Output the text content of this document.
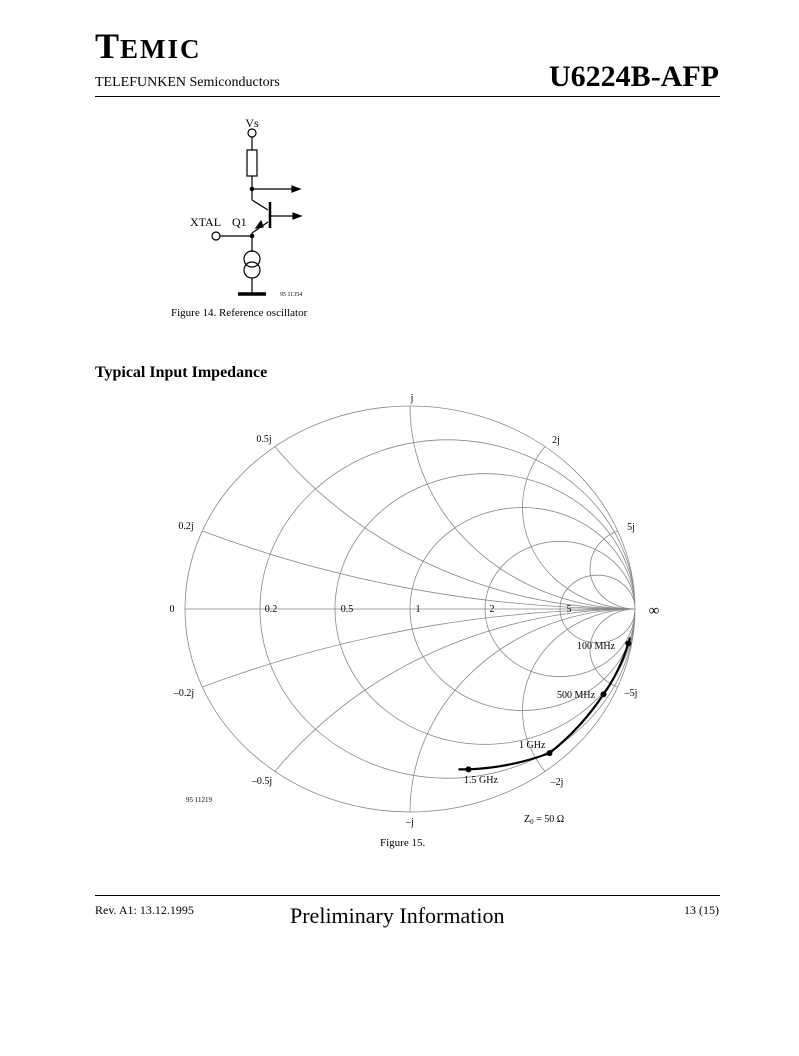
TEMIC
TELEFUNKEN Semiconductors	U6224B-AFP
Vs
XTAL Q1
95 11354
Figure 14. Reference oscillator
Typical Input Impedance
0	0.2	0.5	1	2	5	∞
0.2j
0.5j
j
2j
5j
–0.2j
–0.5j
–j
–2j
–5j
100 MHz
500 MHz
1 GHz
1.5 GHz
95 11219
$Z_0 = 50$ Ω
Figure 15.
Rev. A1: 13.12.1995	Preliminary Information	13 (15)
